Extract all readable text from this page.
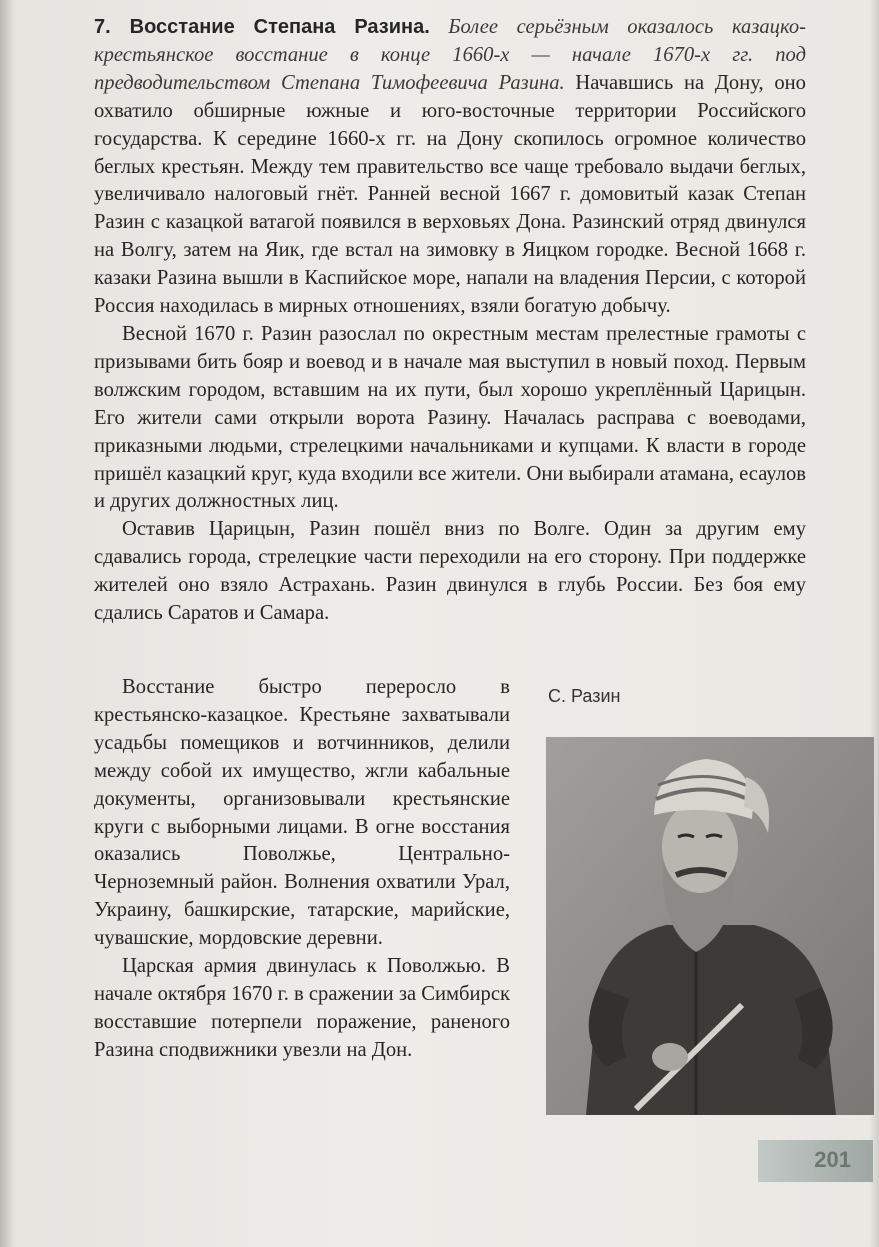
7. Восстание Степана Разина. Более серьёзным оказалось казацко-крестьянское восстание в конце 1660-х — начале 1670-х гг. под предводительством Степана Тимофеевича Разина. Начавшись на Дону, оно охватило обширные южные и юго-восточные территории Российского государства. К середине 1660-х гг. на Дону скопилось огромное количество беглых крестьян. Между тем правительство все чаще требовало выдачи беглых, увеличивало налоговый гнёт. Ранней весной 1667 г. домовитый казак Степан Разин с казацкой ватагой появился в верховьях Дона. Разинский отряд двинулся на Волгу, затем на Яик, где встал на зимовку в Яицком городке. Весной 1668 г. казаки Разина вышли в Каспийское море, напали на владения Персии, с которой Россия находилась в мирных отношениях, взяли богатую добычу.

Весной 1670 г. Разин разослал по окрестным местам прелестные грамоты с призывами бить бояр и воевод и в начале мая выступил в новый поход. Первым волжским городом, вставшим на их пути, был хорошо укреплённый Царицын. Его жители сами открыли ворота Разину. Началась расправа с воеводами, приказными людьми, стрелецкими начальниками и купцами. К власти в городе пришёл казацкий круг, куда входили все жители. Они выбирали атамана, есаулов и других должностных лиц.

Оставив Царицын, Разин пошёл вниз по Волге. Один за другим ему сдавались города, стрелецкие части переходили на его сторону. При поддержке жителей оно взяло Астрахань. Разин двинулся в глубь России. Без боя ему сдались Саратов и Самара.

Восстание быстро переросло в крестьянско-казацкое. Крестьяне захватывали усадьбы помещиков и вотчинников, делили между собой их имущество, жгли кабальные документы, организовывали крестьянские круги с выборными лицами. В огне восстания оказались Поволжье, Центрально-Черноземный район. Волнения охватили Урал, Украину, башкирские, татарские, марийские, чувашские, мордовские деревни.

Царская армия двинулась к Поволжью. В начале октября 1670 г. в сражении за Симбирск восставшие потерпели поражение, раненого Разина сподвижники увезли на Дон.

С. Разин
201
